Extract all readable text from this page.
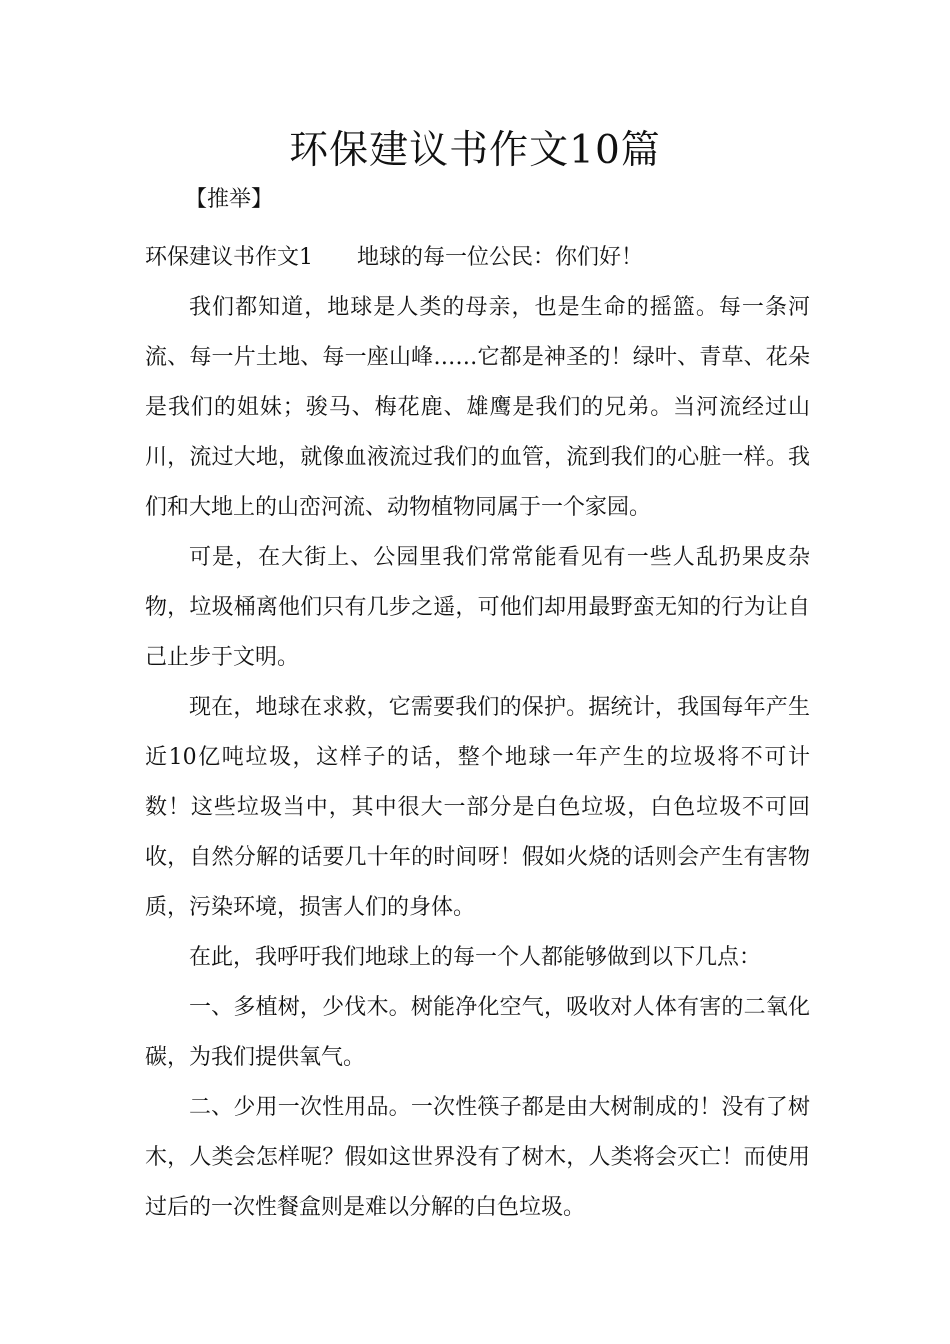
环保建议书作文10篇

【推举】

环保建议书作文1 地球的每一位公民：你们好！

我们都知道，地球是人类的母亲，也是生命的摇篮。每一条河流、每一片土地、每一座山峰……它都是神圣的！绿叶、青草、花朵是我们的姐妹；骏马、梅花鹿、雄鹰是我们的兄弟。当河流经过山川，流过大地，就像血液流过我们的血管，流到我们的心脏一样。我们和大地上的山峦河流、动物植物同属于一个家园。

可是，在大街上、公园里我们常常能看见有一些人乱扔果皮杂物，垃圾桶离他们只有几步之遥，可他们却用最野蛮无知的行为让自己止步于文明。

现在，地球在求救，它需要我们的保护。据统计，我国每年产生近10亿吨垃圾，这样子的话，整个地球一年产生的垃圾将不可计数！这些垃圾当中，其中很大一部分是白色垃圾，白色垃圾不可回收，自然分解的话要几十年的时间呀！假如火烧的话则会产生有害物质，污染环境，损害人们的身体。

在此，我呼吁我们地球上的每一个人都能够做到以下几点：

一、多植树，少伐木。树能净化空气，吸收对人体有害的二氧化碳，为我们提供氧气。

二、少用一次性用品。一次性筷子都是由大树制成的！没有了树木，人类会怎样呢？假如这世界没有了树木，人类将会灭亡！而使用过后的一次性餐盒则是难以分解的白色垃圾。
